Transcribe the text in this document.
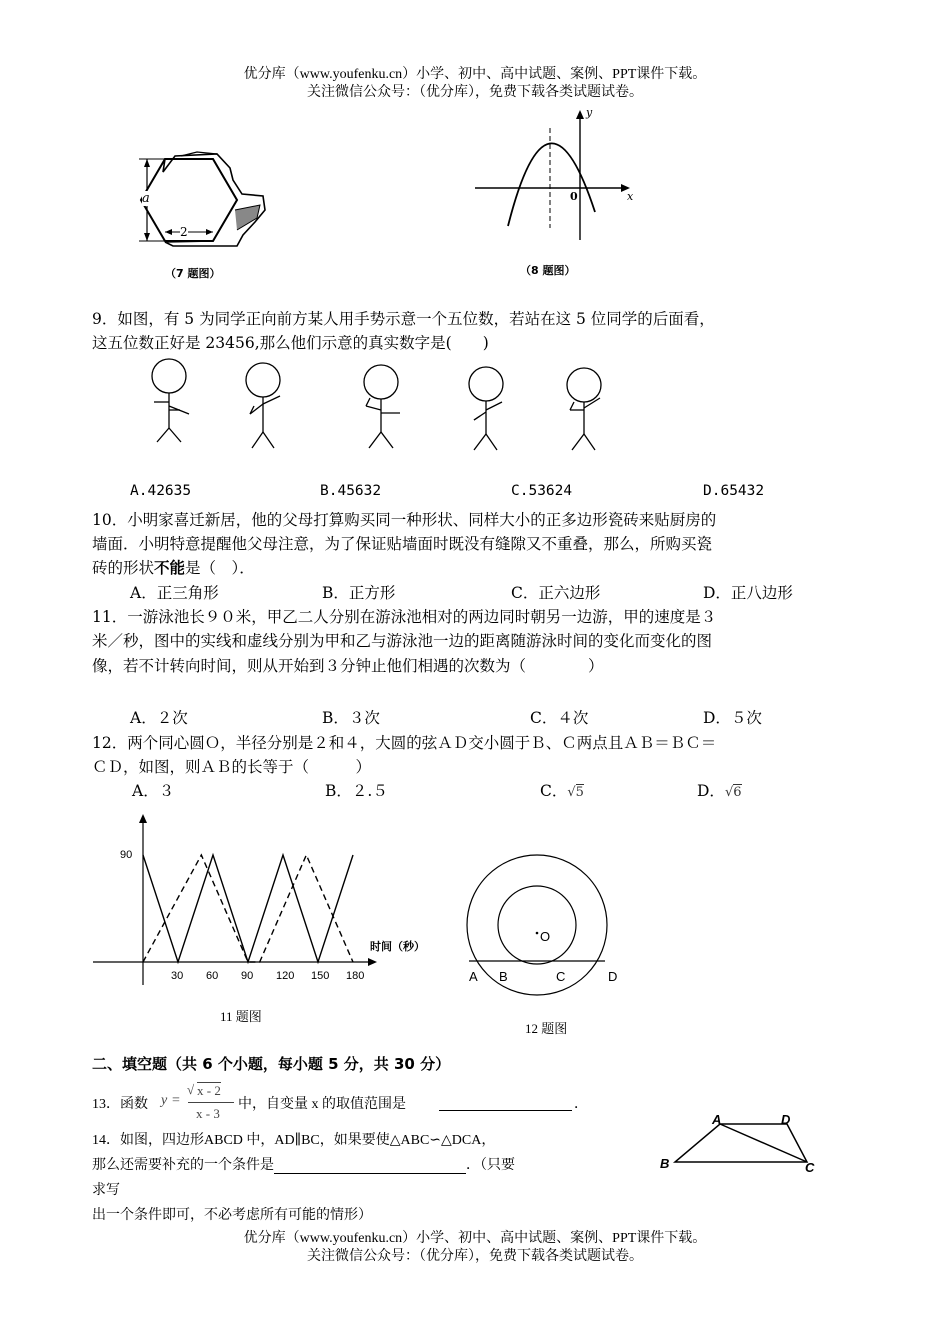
优分库（www.youfenku.cn）小学、初中、高中试题、案例、PPT课件下载。
关注微信公众号：（优分库），免费下载各类试题试卷。
a
2
（7 题图）
y
x
0
（8 题图）
9．如图，有 5 为同学正向前方某人用手势示意一个五位数，若站在这 5 位同学的后面看，
这五位数正好是 23456,那么他们示意的真实数字是(　　)
A.42635	B.45632	C.53624	D.65432
10．小明家喜迁新居，他的父母打算购买同一种形状、同样大小的正多边形瓷砖来贴厨房的
墙面．小明特意提醒他父母注意，为了保证贴墙面时既没有缝隙又不重叠，那么，所购买瓷
砖的形状不能是（　）．
A．正三角形	B．正方形	C．正六边形	D．正八边形
11．一游泳池长９０米，甲乙二人分别在游泳池相对的两边同时朝另一边游，甲的速度是３
米／秒，图中的实线和虚线分别为甲和乙与游泳池一边的距离随游泳时间的变化而变化的图
像，若不计转向时间，则从开始到３分钟止他们相遇的次数为（　　　　）
A．２次	B．３次	C．４次	D．５次
12．两个同心圆Ｏ，半径分别是２和４，大圆的弦ＡＤ交小圆于Ｂ、Ｃ两点且ＡＢ＝ＢＣ＝
ＣＤ，如图，则ＡＢ的长等于（　　　）
A．３	B．２.５	C．√5	D．√6
90
时间（秒）
30 60 90 120 150 180
11 题图
O
A B	C	D
12 题图
二、填空题（共 6 个小题，每小题 5 分，共 30 分）
13．函数 y =
√ x - 2
x - 3
中，自变量 x 的取值范围是	．
14．如图，四边形ABCD 中，AD∥BC，如果要使△ABC∽△DCA，
那么还需要补充的一个条件是	．（只要
求写
出一个条件即可，不必考虑所有可能的情形）
A	D
B	C
优分库（www.youfenku.cn）小学、初中、高中试题、案例、PPT课件下载。
关注微信公众号：（优分库），免费下载各类试题试卷。
